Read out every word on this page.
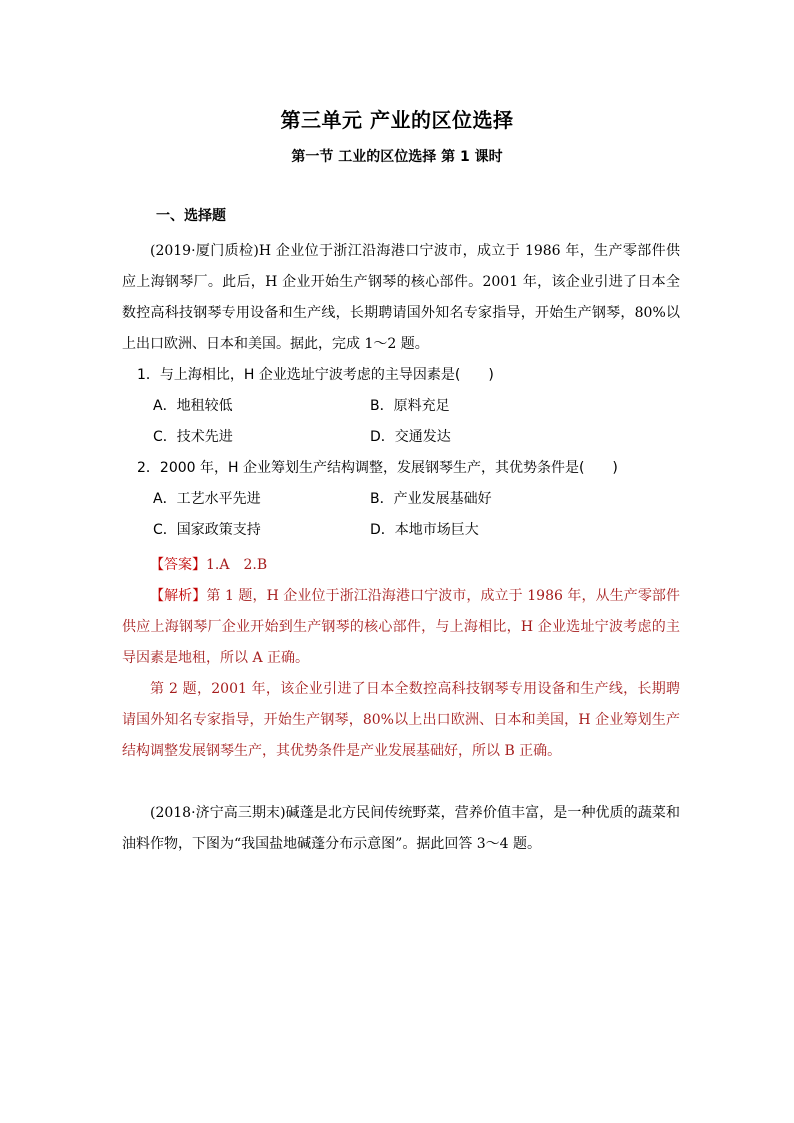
第三单元 产业的区位选择
第一节 工业的区位选择 第 1 课时
一、选择题
(2019·厦门质检)H 企业位于浙江沿海港口宁波市，成立于 1986 年，生产零部件供应上海钢琴厂。此后，H 企业开始生产钢琴的核心部件。2001 年，该企业引进了日本全数控高科技钢琴专用设备和生产线，长期聘请国外知名专家指导，开始生产钢琴，80%以上出口欧洲、日本和美国。据此，完成 1～2 题。
1．与上海相比，H 企业选址宁波考虑的主导因素是(　　)
A．地租较低	B．原料充足
C．技术先进	D．交通发达
2．2000 年，H 企业筹划生产结构调整，发展钢琴生产，其优势条件是(　　)
A．工艺水平先进	B．产业发展基础好
C．国家政策支持	D．本地市场巨大
【答案】1.A　2.B
【解析】第 1 题，H 企业位于浙江沿海港口宁波市，成立于 1986 年，从生产零部件供应上海钢琴厂企业开始到生产钢琴的核心部件，与上海相比，H 企业选址宁波考虑的主导因素是地租，所以 A 正确。
第 2 题，2001 年，该企业引进了日本全数控高科技钢琴专用设备和生产线，长期聘请国外知名专家指导，开始生产钢琴，80%以上出口欧洲、日本和美国，H 企业筹划生产结构调整发展钢琴生产，其优势条件是产业发展基础好，所以 B 正确。
(2018·济宁高三期末)碱蓬是北方民间传统野菜，营养价值丰富，是一种优质的蔬菜和油料作物，下图为“我国盐地碱蓬分布示意图”。据此回答 3～4 题。
